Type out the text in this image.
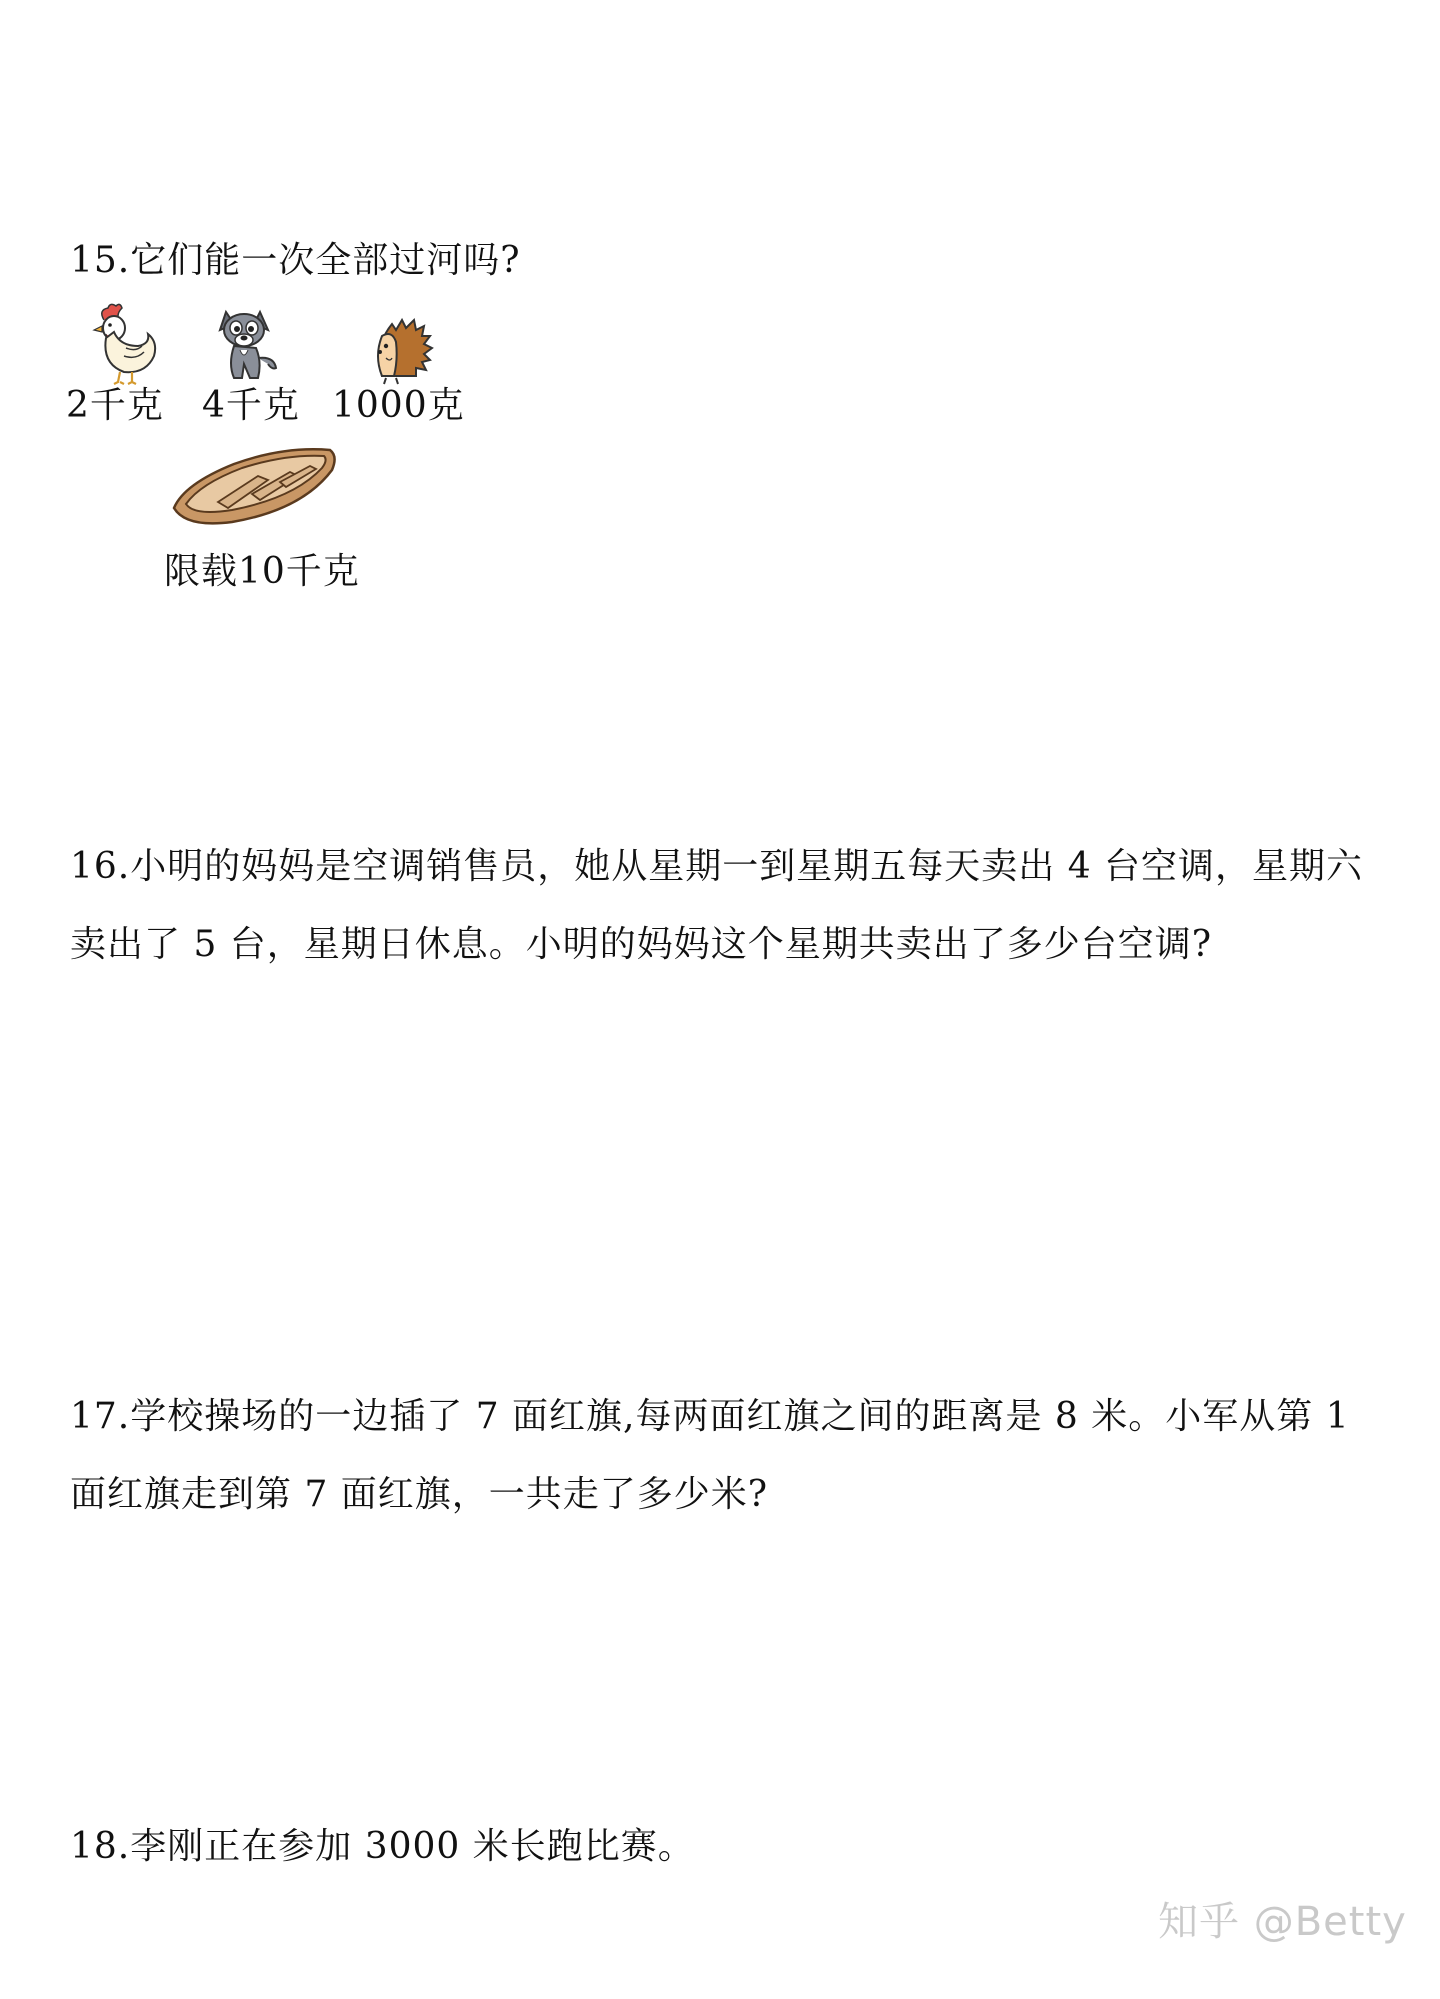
15.它们能一次全部过河吗?
2千克 4千克 1000克
限载10千克
16.小明的妈妈是空调销售员，她从星期一到星期五每天卖出 4 台空调，星期六卖出了 5 台，星期日休息。小明的妈妈这个星期共卖出了多少台空调?
17.学校操场的一边插了 7 面红旗,每两面红旗之间的距离是 8 米。小军从第 1 面红旗走到第 7 面红旗，一共走了多少米?
18.李刚正在参加 3000 米长跑比赛。
知乎 @Betty
